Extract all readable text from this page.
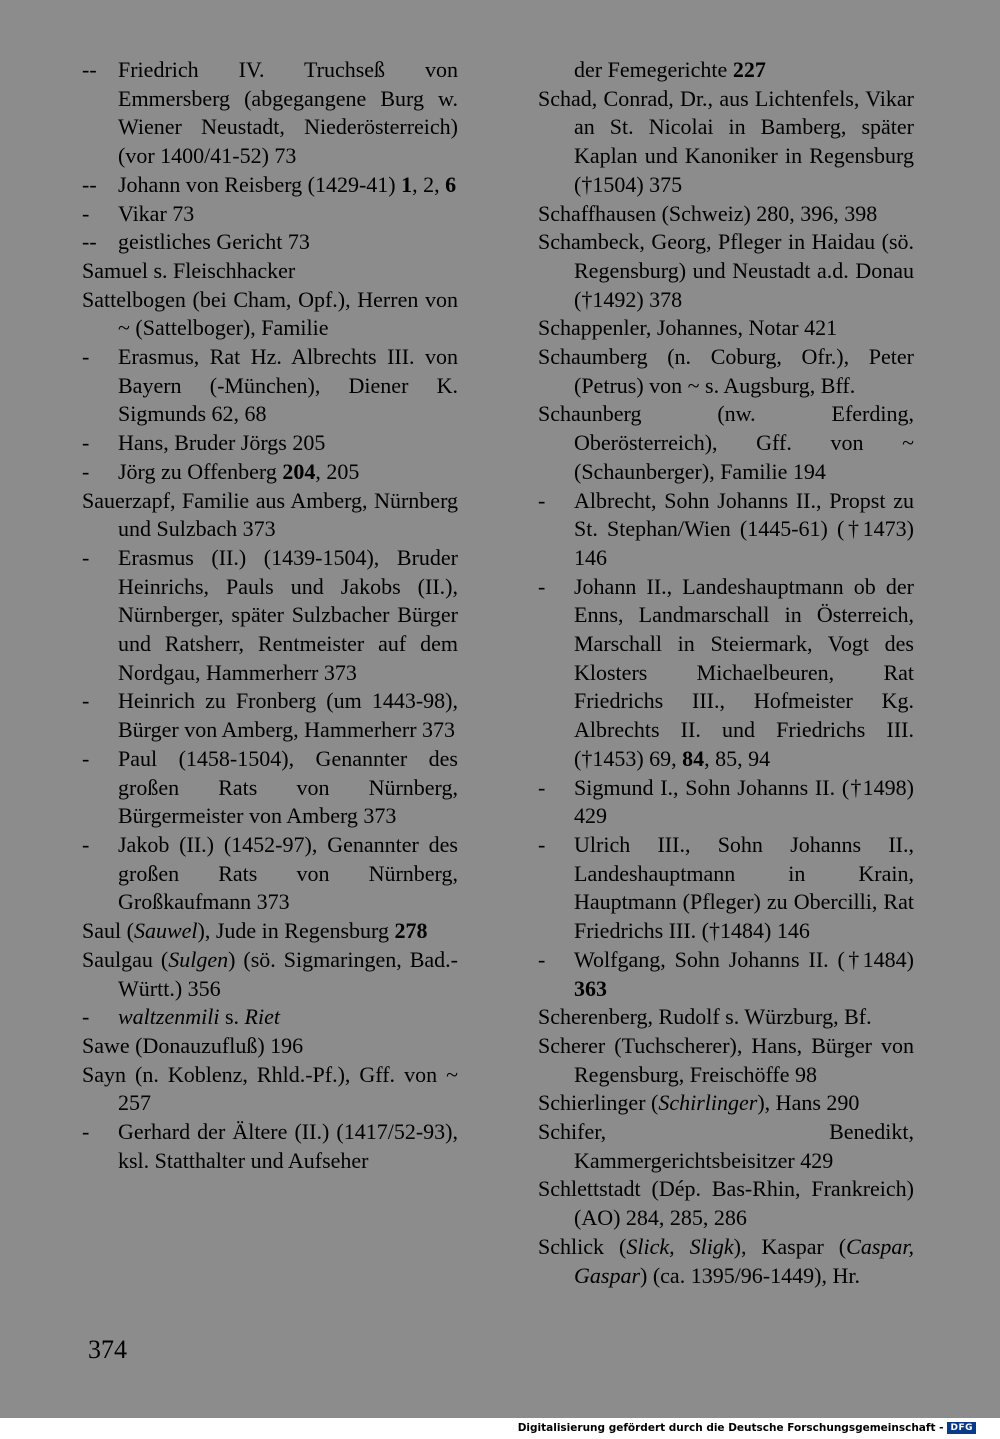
-- Friedrich IV. Truchseß von Emmersberg (abgegangene Burg w. Wiener Neustadt, Niederösterreich) (vor 1400/41-52) 73
-- Johann von Reisberg (1429-41) 1, 2, 6
- Vikar 73
-- geistliches Gericht 73
Samuel s. Fleischhacker
Sattelbogen (bei Cham, Opf.), Herren von ~ (Sattelboger), Familie
- Erasmus, Rat Hz. Albrechts III. von Bayern (-München), Diener K. Sigmunds 62, 68
- Hans, Bruder Jörgs 205
- Jörg zu Offenberg 204, 205
Sauerzapf, Familie aus Amberg, Nürnberg und Sulzbach 373
- Erasmus (II.) (1439-1504), Bruder Heinrichs, Pauls und Jakobs (II.), Nürnberger, später Sulzbacher Bürger und Ratsherr, Rentmeister auf dem Nordgau, Hammerherr 373
- Heinrich zu Fronberg (um 1443-98), Bürger von Amberg, Hammerherr 373
- Paul (1458-1504), Genannter des großen Rats von Nürnberg, Bürgermeister von Amberg 373
- Jakob (II.) (1452-97), Genannter des großen Rats von Nürnberg, Großkaufmann 373
Saul (Sauwel), Jude in Regensburg 278
Saulgau (Sulgen) (sö. Sigmaringen, Bad.-Württ.) 356
- waltzenmili s. Riet
Sawe (Donauzufluß) 196
Sayn (n. Koblenz, Rhld.-Pf.), Gff. von ~ 257
- Gerhard der Ältere (II.) (1417/52-93), ksl. Statthalter und Aufseher
der Femegerichte 227
Schad, Conrad, Dr., aus Lichtenfels, Vikar an St. Nicolai in Bamberg, später Kaplan und Kanoniker in Regensburg (†1504) 375
Schaffhausen (Schweiz) 280, 396, 398
Schambeck, Georg, Pfleger in Haidau (sö. Regensburg) und Neustadt a.d. Donau (†1492) 378
Schappenler, Johannes, Notar 421
Schaumberg (n. Coburg, Ofr.), Peter (Petrus) von ~ s. Augsburg, Bff.
Schaunberg (nw. Eferding, Oberösterreich), Gff. von ~ (Schaunberger), Familie 194
- Albrecht, Sohn Johanns II., Propst zu St. Stephan/Wien (1445-61) (†1473) 146
- Johann II., Landeshauptmann ob der Enns, Landmarschall in Österreich, Marschall in Steiermark, Vogt des Klosters Michaelbeuren, Rat Friedrichs III., Hofmeister Kg. Albrechts II. und Friedrichs III. (†1453) 69, 84, 85, 94
- Sigmund I., Sohn Johanns II. (†1498) 429
- Ulrich III., Sohn Johanns II., Landeshauptmann in Krain, Hauptmann (Pfleger) zu Obercilli, Rat Friedrichs III. (†1484) 146
- Wolfgang, Sohn Johanns II. (†1484) 363
Scherenberg, Rudolf s. Würzburg, Bf.
Scherer (Tuchscherer), Hans, Bürger von Regensburg, Freischöffe 98
Schierlinger (Schirlinger), Hans 290
Schifer, Benedikt, Kammergerichtsbeisitzer 429
Schlettstadt (Dép. Bas-Rhin, Frankreich) (AO) 284, 285, 286
Schlick (Slick, Sligk), Kaspar (Caspar, Gaspar) (ca. 1395/96-1449), Hr.
374
Digitalisierung gefördert durch die Deutsche Forschungsgemeinschaft - DFG
